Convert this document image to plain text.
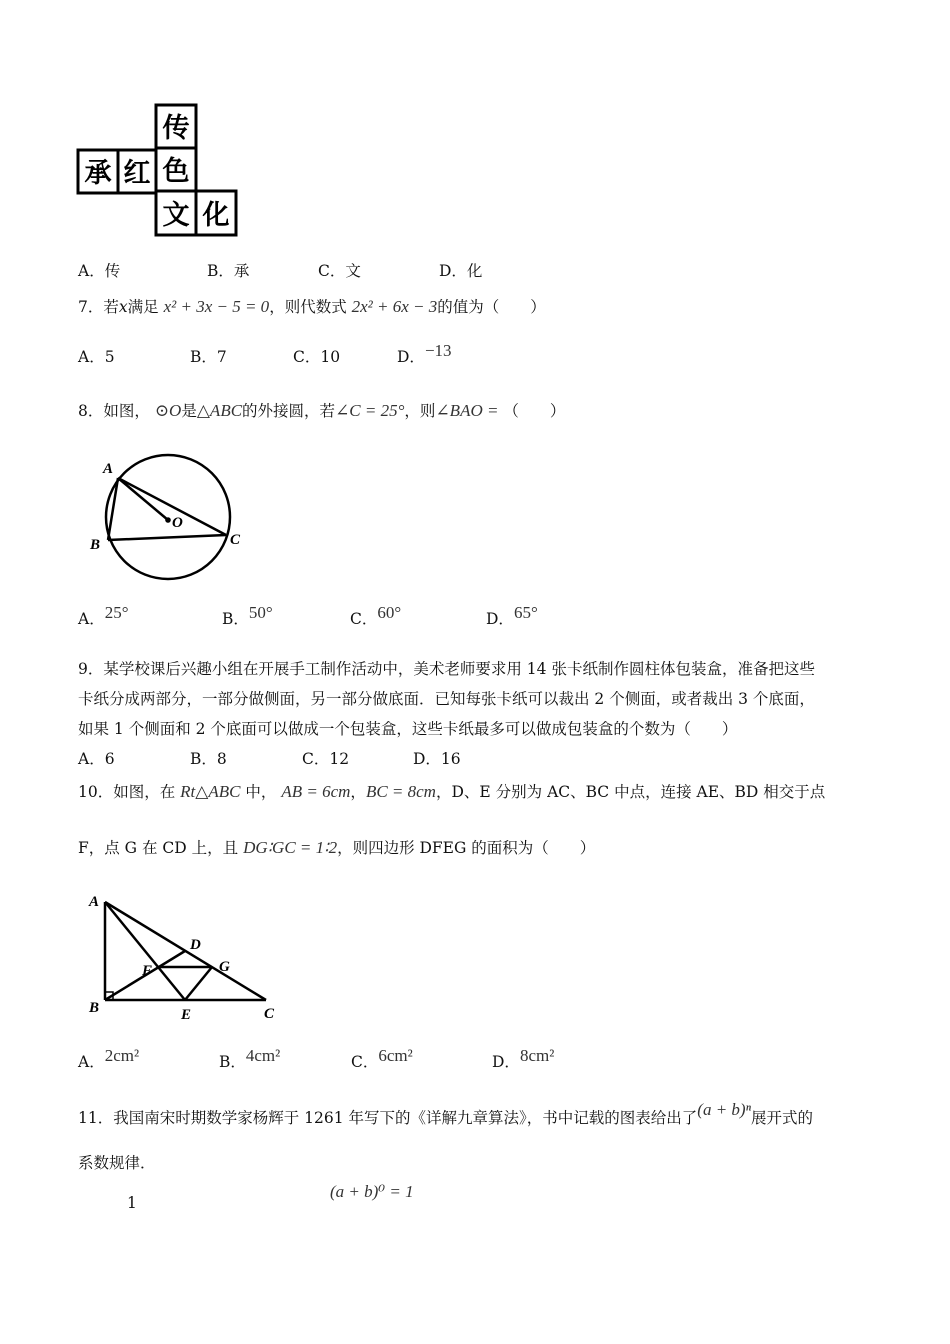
传
承 红 色
文 化
A．传	B．承	C．文	D．化
7．若x满足 x² + 3x − 5 = 0，则代数式 2x² + 6x − 3的值为（　　）
A．5	B．7	C．10	D．−13
8．如图， ⊙O是△ABC的外接圆，若∠C = 25°，则∠BAO = （　　）
A
O
B	C
A．25°	B．50°	C．60°	D．65°
9．某学校课后兴趣小组在开展手工制作活动中，美术老师要求用 14 张卡纸制作圆柱体包装盒，准备把这些
卡纸分成两部分，一部分做侧面，另一部分做底面．已知每张卡纸可以裁出 2 个侧面，或者裁出 3 个底面，
如果 1 个侧面和 2 个底面可以做成一个包装盒，这些卡纸最多可以做成包装盒的个数为（　　）
A．6	B．8	C．12	D．16
10．如图，在 Rt△ABC 中， AB = 6cm，BC = 8cm，D、E 分别为 AC、BC 中点，连接 AE、BD 相交于点
F，点 G 在 CD 上，且 DG∶GC = 1∶2，则四边形 DFEG 的面积为（　　）
A
D
F	G
B	E	C
A．2cm²	B．4cm²	C．6cm²	D．8cm²
11．我国南宋时期数学家杨辉于 1261 年写下的《详解九章算法》，书中记载的图表给出了(a + b)ⁿ展开式的
系数规律．
1
(a + b)⁰ = 1
